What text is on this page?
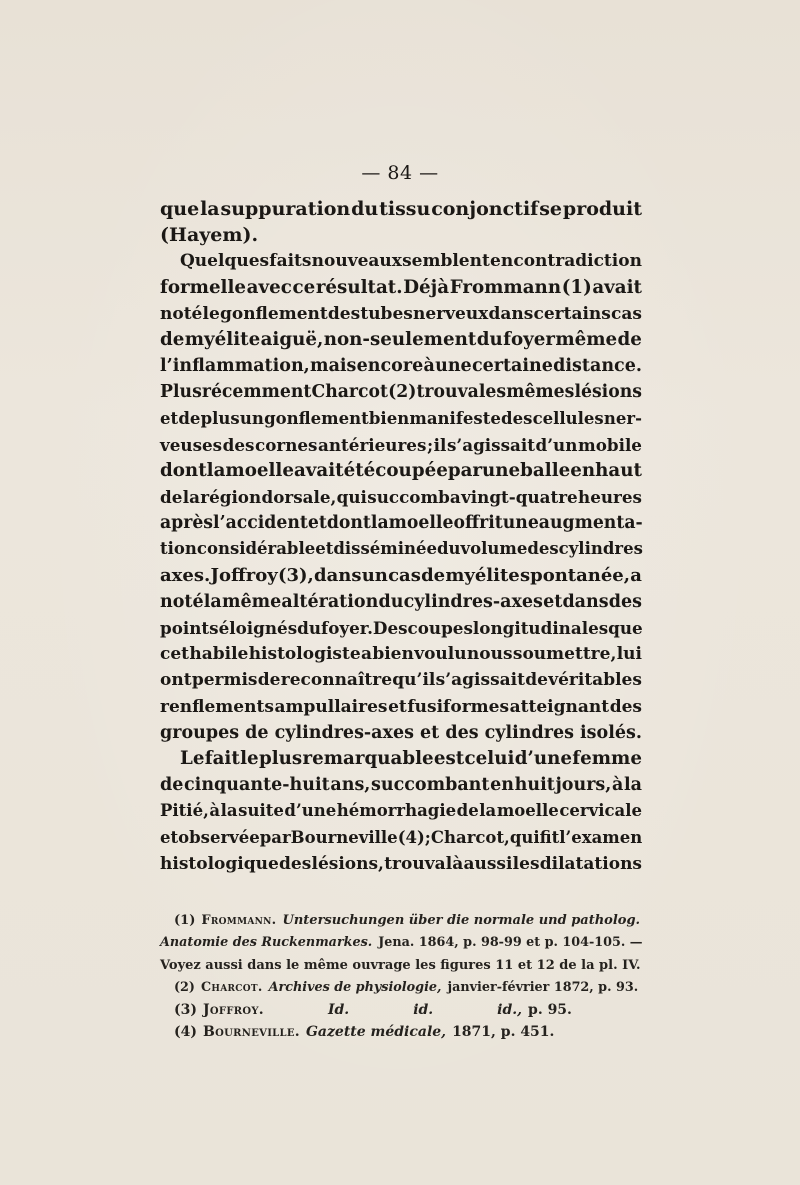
— 84 —
que la suppuration du tissu conjonctif se produit
(Hayem).
Quelques faits nouveaux semblent en contradiction
formelle avec ce résultat. Déjà Frommann (1) avait
noté le gonflement des tubes nerveux dans certains cas
de myélite aiguë, non-seulement du foyer même de
l’inflammation, mais encore à une certaine distance.
Plus récemment Charcot (2) trouva les mêmes lésions
et de plus un gonflement bien manifeste des cellules ner-
veuses des cornes antérieures ; il s’agissait d’un mobile
dont la moelle avait été coupée par une balle en haut
de la région dorsale, qui succomba vingt-quatre heures
après l’accident et dont la moelle offrit une augmenta-
tion considérable et disséminée du volume des cylindres
axes. Joffroy (3), dans un cas de myélite spontanée, a
noté la même altération du cylindres-axes et dans des
points éloignés du foyer. Des coupes longitudinales que
cet habile histologiste a bien voulu nous soumettre, lui
ont permis de reconnaître qu’il s’agissait de véritables
renflements ampullaires et fusiformes atteignant des
groupes de cylindres-axes et des cylindres isolés.
Le fait le plus remarquable est celui d’une femme
de cinquante-huit ans, succombant en huit jours, à la
Pitié, à la suite d’une hémorrhagie de la moelle cervicale
et observée par Bourneville (4); Charcot, qui fit l’examen
histologique des lésions, trouva là aussi les dilatations
(1) Frommann. Untersuchungen über die normale und patholog.
Anatomie des Ruckenmarkes. Jena. 1864, p. 98-99 et p. 104-105. —
Voyez aussi dans le même ouvrage les figures 11 et 12 de la pl. IV.
(2) Charcot. Archives de physiologie, janvier-février 1872, p. 93.
(3) Joffroy.	Id.	id.	id., p. 95.
(4) Bourneville. Gazette médicale, 1871, p. 451.
